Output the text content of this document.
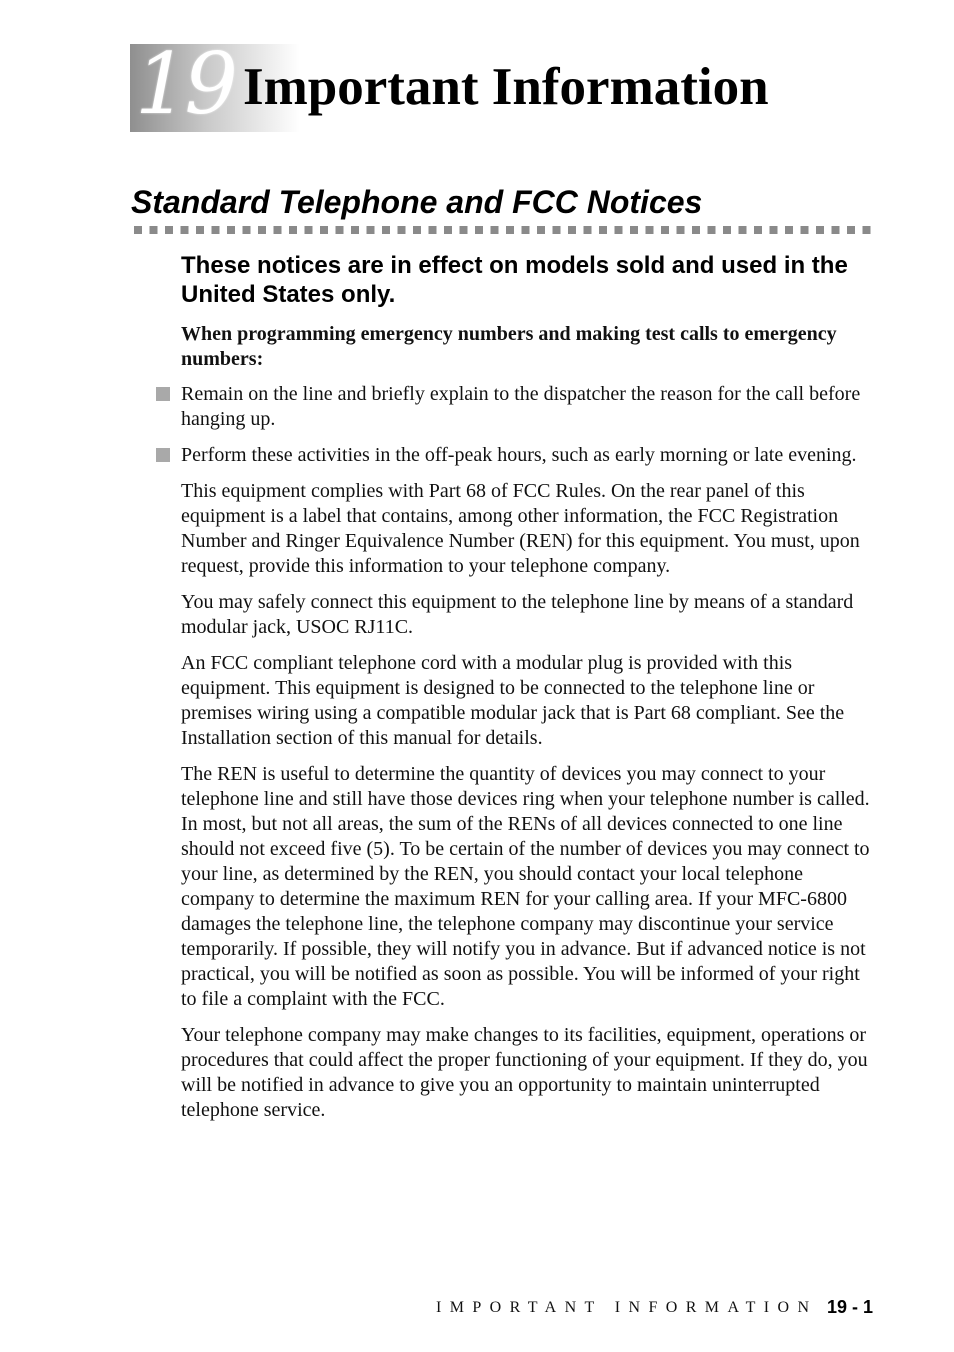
19 Important Information
Standard Telephone and FCC Notices
These notices are in effect on models sold and used in the United States only.

When programming emergency numbers and making test calls to emergency numbers:

Remain on the line and briefly explain to the dispatcher the reason for the call before hanging up.
Perform these activities in the off-peak hours, such as early morning or late evening.

This equipment complies with Part 68 of FCC Rules. On the rear panel of this equipment is a label that contains, among other information, the FCC Registration Number and Ringer Equivalence Number (REN) for this equipment. You must, upon request, provide this information to your telephone company.

You may safely connect this equipment to the telephone line by means of a standard modular jack, USOC RJ11C.

An FCC compliant telephone cord with a modular plug is provided with this equipment. This equipment is designed to be connected to the telephone line or premises wiring using a compatible modular jack that is Part 68 compliant. See the Installation section of this manual for details.

The REN is useful to determine the quantity of devices you may connect to your telephone line and still have those devices ring when your telephone number is called. In most, but not all areas, the sum of the RENs of all devices connected to one line should not exceed five (5). To be certain of the number of devices you may connect to your line, as determined by the REN, you should contact your local telephone company to determine the maximum REN for your calling area. If your MFC-6800 damages the telephone line, the telephone company may discontinue your service temporarily. If possible, they will notify you in advance. But if advanced notice is not practical, you will be notified as soon as possible. You will be informed of your right to file a complaint with the FCC.

Your telephone company may make changes to its facilities, equipment, operations or procedures that could affect the proper functioning of your equipment. If they do, you will be notified in advance to give you an opportunity to maintain uninterrupted telephone service.

IMPORTANT INFORMATION 19 - 1
